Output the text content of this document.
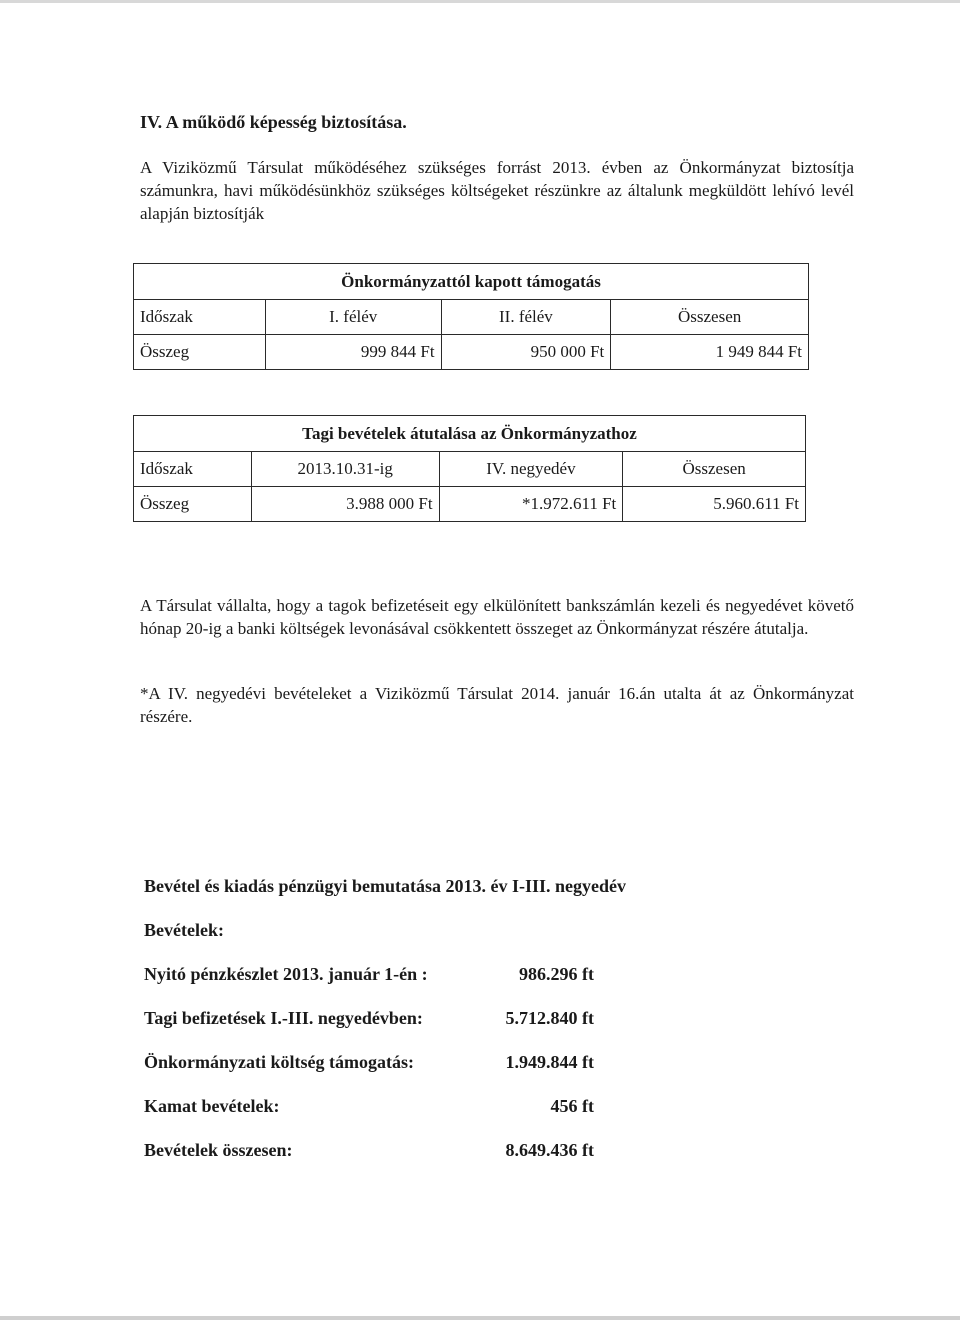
IV. A működő képesség biztosítása.
A Viziközmű Társulat működéséhez szükséges forrást 2013. évben az Önkormányzat biztosítja számunkra, havi működésünkhöz szükséges költségeket részünkre az általunk megküldött lehívó levél alapján biztosítják
Önkormányzattól kapott támogatás			
Időszak	I. félév	II. félév	Összesen
Összeg	999 844 Ft	950 000 Ft	1 949 844 Ft
Tagi bevételek átutalása az Önkormányzathoz			
Időszak	2013.10.31-ig	IV. negyedév	Összesen
Összeg	3.988 000 Ft	*1.972.611 Ft	5.960.611 Ft
A Társulat vállalta, hogy a tagok befizetéseit egy elkülönített bankszámlán kezeli és negyedévet követő hónap 20-ig a banki költségek levonásával csökkentett összeget az Önkormányzat részére átutalja.
*A IV. negyedévi bevételeket a Viziközmű Társulat 2014. január 16.án utalta át az Önkormányzat részére.
Bevétel és kiadás pénzügyi bemutatása 2013. év I-III. negyedév
Bevételek:
Nyitó pénzkészlet 2013. január 1-én :	986.296 ft
Tagi befizetések I.-III. negyedévben:	5.712.840 ft
Önkormányzati költség támogatás:	1.949.844 ft
Kamat bevételek:	456 ft
Bevételek összesen:	8.649.436 ft
